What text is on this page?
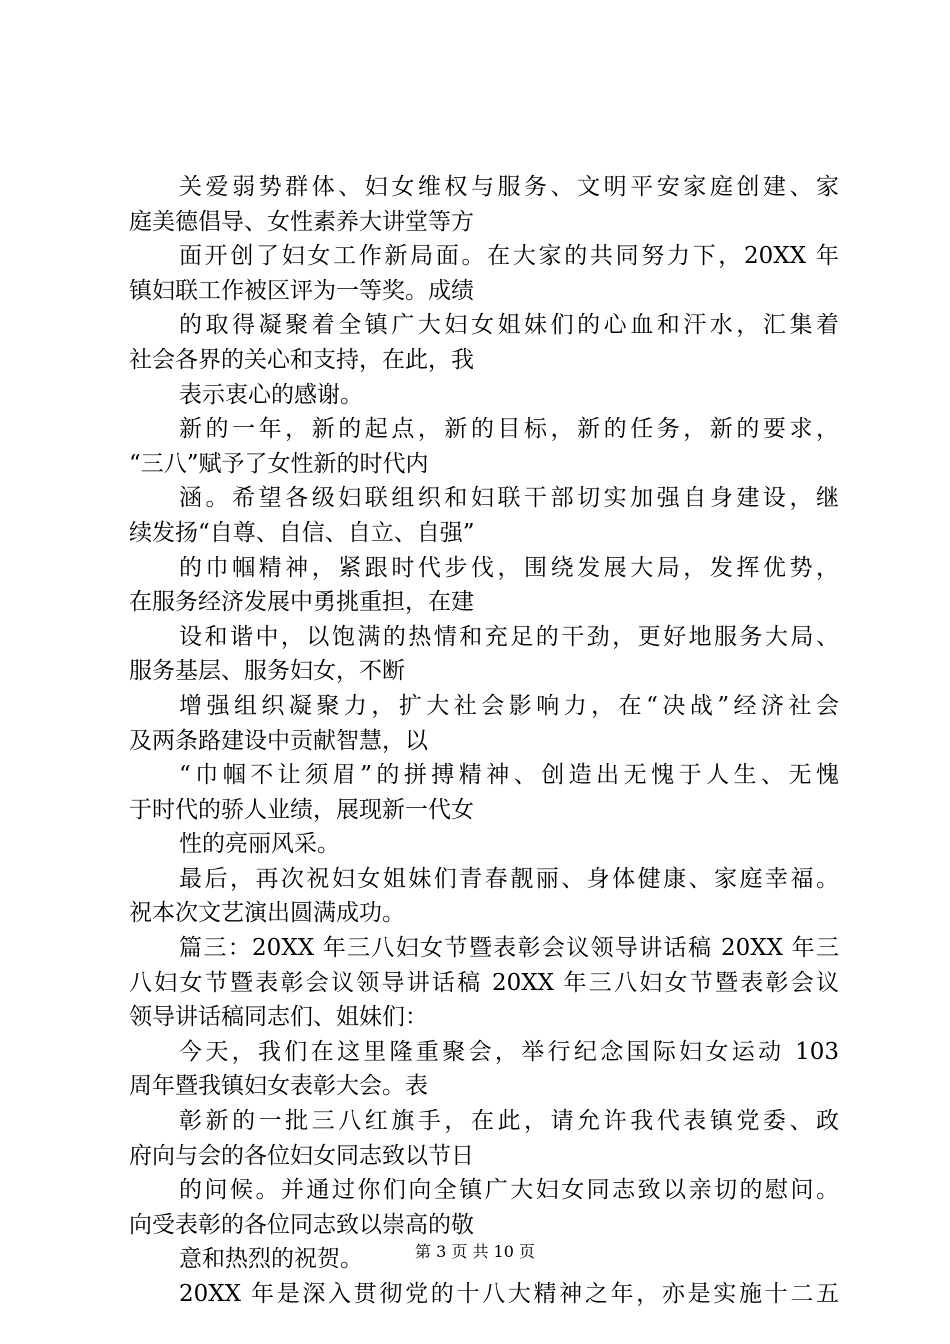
关爱弱势群体、妇女维权与服务、文明平安家庭创建、家
庭美德倡导、女性素养大讲堂等方
面开创了妇女工作新局面。在大家的共同努力下，20XX 年
镇妇联工作被区评为一等奖。成绩
的取得凝聚着全镇广大妇女姐妹们的心血和汗水，汇集着
社会各界的关心和支持，在此，我
表示衷心的感谢。
新的一年，新的起点，新的目标，新的任务，新的要求，
“三八”赋予了女性新的时代内
涵。希望各级妇联组织和妇联干部切实加强自身建设，继
续发扬“自尊、自信、自立、自强”
的巾帼精神，紧跟时代步伐，围绕发展大局，发挥优势，
在服务经济发展中勇挑重担，在建
设和谐中，以饱满的热情和充足的干劲，更好地服务大局、
服务基层、服务妇女，不断
增强组织凝聚力，扩大社会影响力，在“决战”经济社会
及两条路建设中贡献智慧，以
“巾帼不让须眉”的拼搏精神、创造出无愧于人生、无愧
于时代的骄人业绩，展现新一代女
性的亮丽风采。
最后，再次祝妇女姐妹们青春靓丽、身体健康、家庭幸福。
祝本次文艺演出圆满成功。
篇三：20XX 年三八妇女节暨表彰会议领导讲话稿 20XX 年三
八妇女节暨表彰会议领导讲话稿 20XX 年三八妇女节暨表彰会议
领导讲话稿同志们、姐妹们：
今天，我们在这里隆重聚会，举行纪念国际妇女运动 103
周年暨我镇妇女表彰大会。表
彰新的一批三八红旗手，在此，请允许我代表镇党委、政
府向与会的各位妇女同志致以节日
的问候。并通过你们向全镇广大妇女同志致以亲切的慰问。
向受表彰的各位同志致以崇高的敬
意和热烈的祝贺。
20XX 年是深入贯彻党的十八大精神之年，亦是实施十二五
第 3 页 共 10 页
